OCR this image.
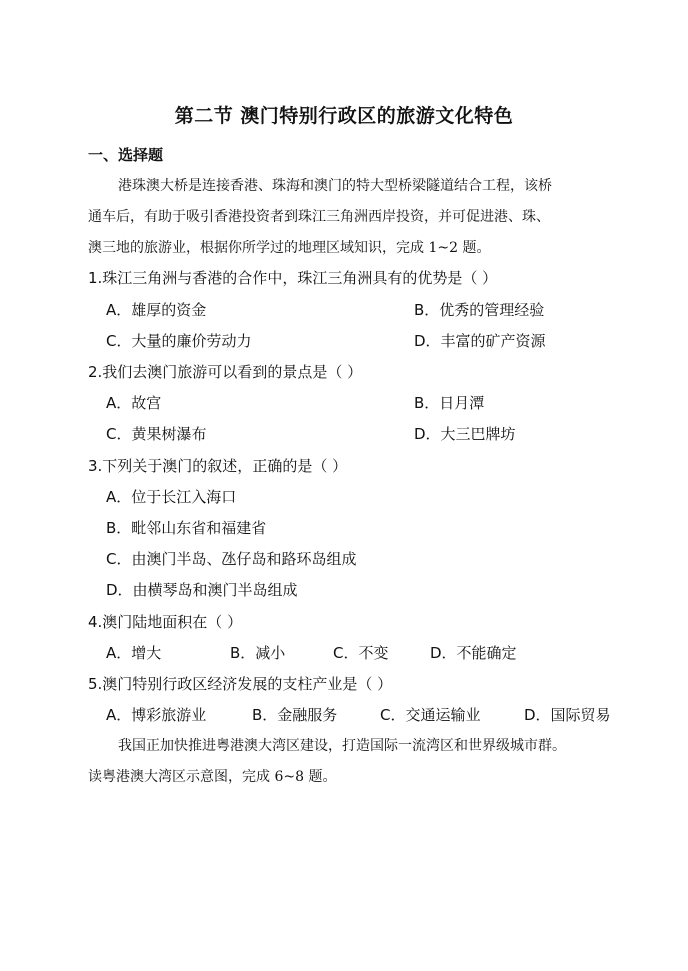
第二节 澳门特别行政区的旅游文化特色
一、选择题
港珠澳大桥是连接香港、珠海和澳门的特大型桥梁隧道结合工程，该桥
通车后，有助于吸引香港投资者到珠江三角洲西岸投资，并可促进港、珠、
澳三地的旅游业，根据你所学过的地理区域知识，完成 1~2 题。
1.珠江三角洲与香港的合作中，珠江三角洲具有的优势是（ ）
A．雄厚的资金	B．优秀的管理经验
C．大量的廉价劳动力	D．丰富的矿产资源
2.我们去澳门旅游可以看到的景点是（ ）
A．故宫	B．日月潭
C．黄果树瀑布	D．大三巴牌坊
3.下列关于澳门的叙述，正确的是（ ）
A．位于长江入海口
B．毗邻山东省和福建省
C．由澳门半岛、氹仔岛和路环岛组成
D．由横琴岛和澳门半岛组成
4.澳门陆地面积在（ ）
A．增大	B．减小	C．不变	D．不能确定
5.澳门特别行政区经济发展的支柱产业是（ ）
A．博彩旅游业	B．金融服务	C．交通运输业	D．国际贸易
我国正加快推进粤港澳大湾区建设，打造国际一流湾区和世界级城市群。
读粤港澳大湾区示意图，完成 6~8 题。
